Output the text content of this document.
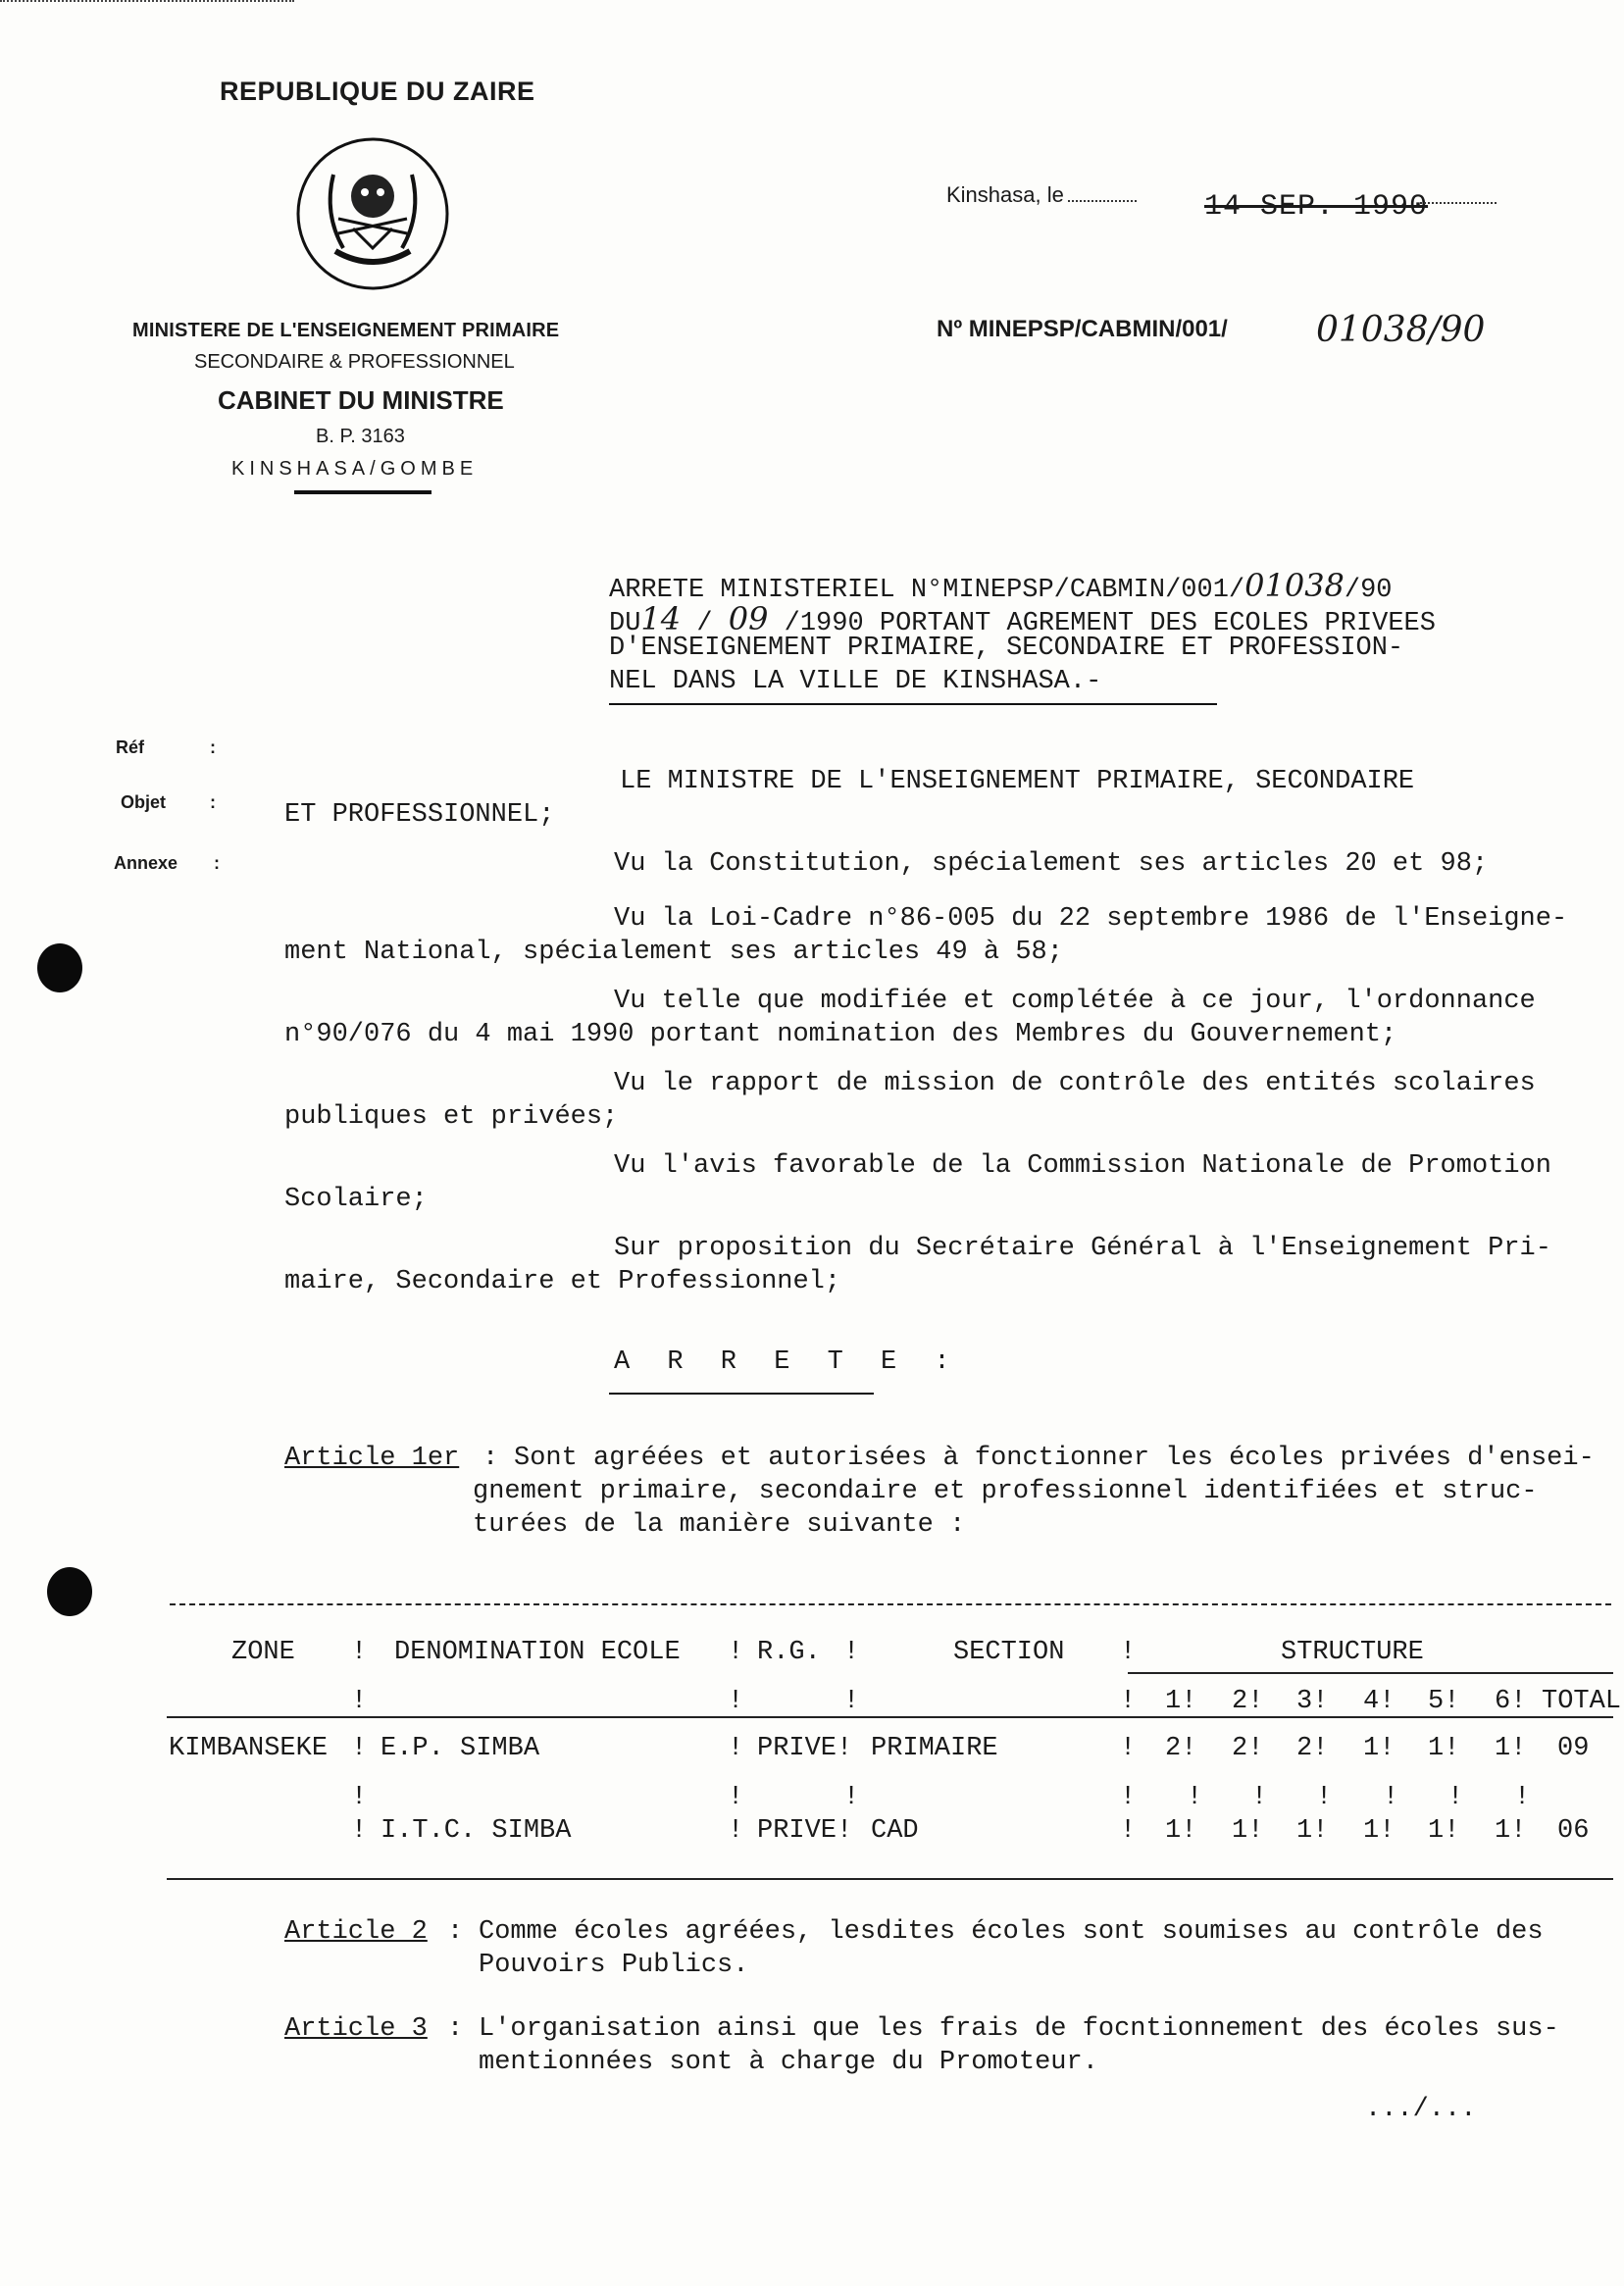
REPUBLIQUE DU ZAIRE
MINISTERE DE L'ENSEIGNEMENT PRIMAIRE
SECONDAIRE & PROFESSIONNEL
CABINET DU MINISTRE
B. P. 3163
KINSHASA/GOMBE
Kinshasa, le	14 SEP. 1990
Nº MINEPSP/CABMIN/001/	01038/90
ARRETE MINISTERIEL N°MINEPSP/CABMIN/001/01038/90
DU14 / 09 /1990 PORTANT AGREMENT DES ECOLES PRIVEES
D'ENSEIGNEMENT PRIMAIRE, SECONDAIRE ET PROFESSION-
NEL DANS LA VILLE DE KINSHASA.-
Réf	:
Objet :
Annexe :
LE MINISTRE DE L'ENSEIGNEMENT PRIMAIRE, SECONDAIRE
ET PROFESSIONNEL;
Vu la Constitution, spécialement ses articles 20 et 98;
Vu la Loi-Cadre n°86-005 du 22 septembre 1986 de l'Enseigne-
ment National, spécialement ses articles 49 à 58;
Vu telle que modifiée et complétée à ce jour, l'ordonnance
n°90/076 du 4 mai 1990 portant nomination des Membres du Gouvernement;
Vu le rapport de mission de contrôle des entités scolaires
publiques et privées;
Vu l'avis favorable de la Commission Nationale de Promotion
Scolaire;
Sur proposition du Secrétaire Général à l'Enseignement Pri-
maire, Secondaire et Professionnel;
A R R E T E :
Article 1er : Sont agréées et autorisées à fonctionner les écoles privées d'ensei-
gnement primaire, secondaire et professionnel identifiées et struc-
turées de la manière suivante :
ZONE ! DENOMINATION ECOLE ! R.G. !	SECTION !	STRUCTURE
!	!	!	! 1! 2! 3! 4! 5! 6! TOTAL
KIMBANSEKE ! E.P. SIMBA	! PRIVE! PRIMAIRE	! 2! 2! 2! 1! 1! 1! 09
!	!	!	! ! ! ! ! ! !
! I.T.C. SIMBA	! PRIVE! CAD	! 1! 1! 1! 1! 1! 1! 06
Article 2 : Comme écoles agréées, lesdites écoles sont soumises au contrôle des
Pouvoirs Publics.
Article 3 : L'organisation ainsi que les frais de focntionnement des écoles sus-
mentionnées sont à charge du Promoteur.
.../...
